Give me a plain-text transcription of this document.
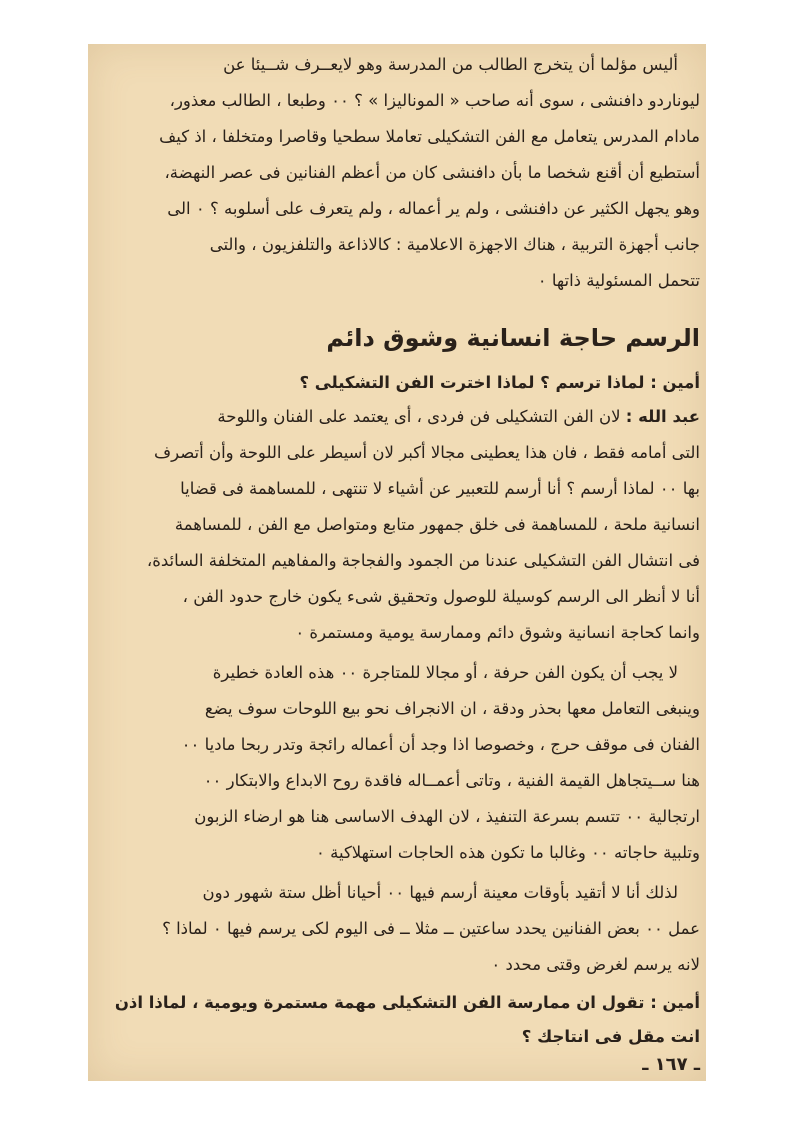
أليس مؤلما أن يتخرج الطالب من المدرسة وهو لايعــرف شــيئا عن
ليوناردو دافنشى ، سوى أنه صاحب « الموناليزا » ؟ ٠٠ وطبعا ، الطالب معذور،
مادام المدرس يتعامل مع الفن التشكيلى تعاملا سطحيا وقاصرا ومتخلفا ، اذ كيف
أستطيع أن أقنع شخصا ما بأن دافنشى كان من أعظم الفنانين فى عصر النهضة،
وهو يجهل الكثير عن دافنشى ، ولم ير أعماله ، ولم يتعرف على أسلوبه ؟ ٠ الى
جانب أجهزة التربية ، هناك الاجهزة الاعلامية : كالاذاعة والتلفزيون ، والتى
تتحمل المسئولية ذاتها ٠
الرسم حاجة انسانية وشوق دائم
أمين : لماذا ترسم ؟ لماذا اخترت الفن التشكيلى ؟
عبد الله : لان الفن التشكيلى فن فردى ، أى يعتمد على الفنان واللوحة
التى أمامه فقط ، فان هذا يعطينى مجالا أكبر لان أسيطر على اللوحة وأن أتصرف
بها ٠٠ لماذا أرسم ؟ أنا أرسم للتعبير عن أشياء لا تنتهى ، للمساهمة فى قضايا
انسانية ملحة ، للمساهمة فى خلق جمهور متابع ومتواصل مع الفن ، للمساهمة
فى انتشال الفن التشكيلى عندنا من الجمود والفجاجة والمفاهيم المتخلفة السائدة،
أنا لا أنظر الى الرسم كوسيلة للوصول وتحقيق شىء يكون خارج حدود الفن ،
وانما كحاجة انسانية وشوق دائم وممارسة يومية ومستمرة ٠
لا يجب أن يكون الفن حرفة ، أو مجالا للمتاجرة ٠٠ هذه العادة خطيرة
وينبغى التعامل معها بحذر ودقة ، ان الانجراف نحو بيع اللوحات سوف يضع
الفنان فى موقف حرج ، وخصوصا اذا وجد أن أعماله رائجة وتدر ربحا ماديا ٠٠
هنا ســيتجاهل القيمة الفنية ، وتاتى أعمــاله فاقدة روح الابداع والابتكار ٠٠
ارتجالية ٠٠ تتسم بسرعة التنفيذ ، لان الهدف الاساسى هنا هو ارضاء الزبون
وتلبية حاجاته ٠٠ وغالبا ما تكون هذه الحاجات استهلاكية ٠
لذلك أنا لا أتقيد بأوقات معينة أرسم فيها ٠٠ أحيانا أظل ستة شهور دون
عمل ٠٠ بعض الفنانين يحدد ساعتين ــ مثلا ــ فى اليوم لكى يرسم فيها ٠ لماذا ؟
لانه يرسم لغرض وقتى محدد ٠
أمين : تقول ان ممارسة الفن التشكيلى مهمة مستمرة ويومية ، لماذا اذن
انت مقل فى انتاجك ؟
ـ ١٦٧ ـ
